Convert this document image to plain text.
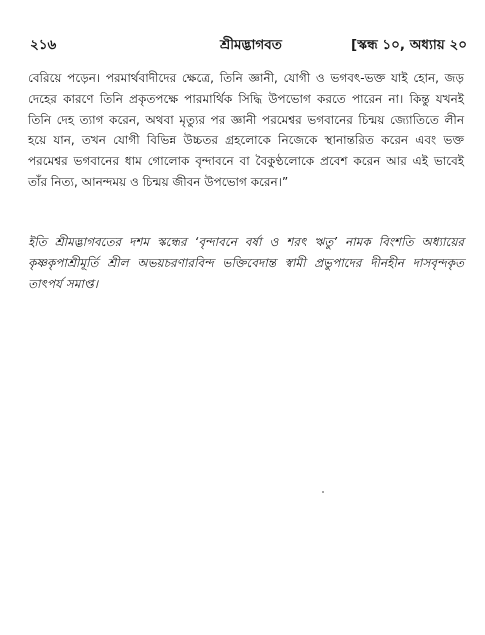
২১৬	শ্রীমদ্ভাগবত	[স্কন্ধ ১০, অধ্যায় ২০

বেরিয়ে পড়েন। পরমার্থবাদীদের ক্ষেত্রে, তিনি জ্ঞানী, যোগী ও ভগবৎ-ভক্ত যাই হোন, জড় দেহের কারণে তিনি প্রকৃতপক্ষে পারমার্থিক সিদ্ধি উপভোগ করতে পারেন না। কিন্তু যখনই তিনি দেহ ত্যাগ করেন, অথবা মৃত্যুর পর জ্ঞানী পরমেশ্বর ভগবানের চিন্ময় জ্যোতিতে লীন হয়ে যান, তখন যোগী বিভিন্ন উচ্চতর গ্রহলোকে নিজেকে স্থানান্তরিত করেন এবং ভক্ত পরমেশ্বর ভগবানের ধাম গোলোক বৃন্দাবনে বা বৈকুণ্ঠলোকে প্রবেশ করেন আর এই ভাবেই তাঁর নিত্য, আনন্দময় ও চিন্ময় জীবন উপভোগ করেন।”

ইতি শ্রীমদ্ভাগবতের দশম স্কন্ধের ‘বৃন্দাবনে বর্ষা ও শরৎ ঋতু’ নামক বিংশতি অধ্যায়ের কৃষ্ণকৃপাশ্রীমূর্তি শ্রীল অভয়চরণারবিন্দ ভক্তিবেদান্ত স্বামী প্রভুপাদের দীনহীন দাসবৃন্দকৃত তাৎপর্য সমাপ্ত।
